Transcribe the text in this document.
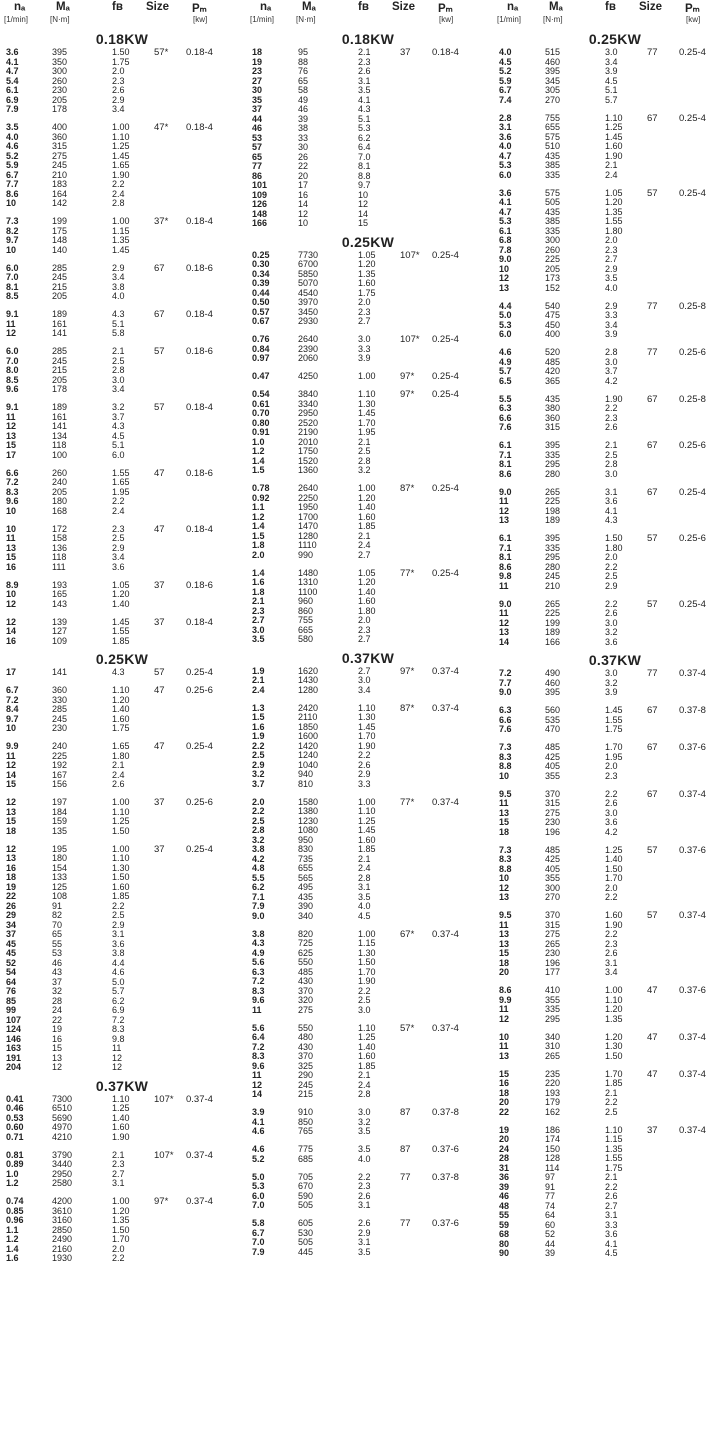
nₐ
[1/min]
Mₐ
[N·m]
fʙ Size Pₘ
[kw]
0.18KW
3.6	395	1.50	57* 0.18-4
4.1	350	1.75
4.7	300	2.0
5.4	260	2.3
6.1	230	2.6
6.9	205	2.9
7.9	178	3.4
3.5	400	1.00	47* 0.18-4
4.0	360	1.10
4.6	315	1.25
5.2	275	1.45
5.9	245	1.65
6.7	210	1.90
7.7	183	2.2
8.6	164	2.4
10	142	2.8
7.3	199	1.00	37* 0.18-4
8.2	175	1.15
9.7	148	1.35
10	140	1.45
6.0	285	2.9	67 0.18-6
7.0	245	3.4
8.1	215	3.8
8.5	205	4.0
9.1	189	4.3	67 0.18-4
11	161	5.1
12	141	5.8
6.0	285	2.1	57 0.18-6
7.0	245	2.5
8.0	215	2.8
8.5	205	3.0
9.6	178	3.4
9.1	189	3.2	57 0.18-4
11	161	3.7
12	141	4.3
13	134	4.5
15	118	5.1
17	100	6.0
6.6	260	1.55	47 0.18-6
7.2	240	1.65
8.3	205	1.95
9.6	180	2.2
10	168	2.4
10	172	2.3	47 0.18-4
11	158	2.5
13	136	2.9
15	118	3.4
16	111	3.6
8.9	193	1.05	37 0.18-6
10	165	1.20
12	143	1.40
12	139	1.45	37 0.18-4
14	127	1.55
16	109	1.85
0.25KW
17	141	4.3	57 0.25-4
6.7	360	1.10	47 0.25-6
7.2	330	1.20
8.4	285	1.40
9.7	245	1.60
10	230	1.75
9.9	240	1.65	47 0.25-4
11	225	1.80
12	192	2.1
14	167	2.4
15	156	2.6
12	197	1.00	37 0.25-6
13	184	1.10
15	159	1.25
18	135	1.50
12	195	1.00	37 0.25-4
13	180	1.10
16	154	1.30
18	133	1.50
19	125	1.60
22	108	1.85
26	91	2.2
29	82	2.5
34	70	2.9
37	65	3.1
45	55	3.6
45	53	3.8
52	46	4.4
54	43	4.6
64	37	5.0
76	32	5.7
85	28	6.2
99	24	6.9
107	22	7.2
124	19	8.3
146	16	9.8
163	15	11
191	13	12
204	12	12
0.37KW
0.41	7300	1.10	107* 0.37-4
0.46	6510	1.25
0.53	5690	1.40
0.60	4970	1.60
0.71	4210	1.90
0.81	3790	2.1	107* 0.37-4
0.89	3440	2.3
1.0	2950	2.7
1.2	2580	3.1
0.74	4200	1.00	97* 0.37-4
0.85	3610	1.20
0.96	3160	1.35
1.1	2850	1.50
1.2	2490	1.70
1.4	2160	2.0
1.6	1930	2.2
nₐ
[1/min]
Mₐ
[N·m]
fʙ Size Pₘ
[kw]
0.18KW
18	95	2.1	37 0.18-4
19	88	2.3
23	76	2.6
27	65	3.1
30	58	3.5
35	49	4.1
37	46	4.3
44	39	5.1
46	38	5.3
53	33	6.2
57	30	6.4
65	26	7.0
77	22	8.1
86	20	8.8
101	17	9.7
109	16	10
126	14	12
148	12	14
166	10	15
0.25KW
0.25	7730	1.05	107* 0.25-4
0.30	6700	1.20
0.34	5850	1.35
0.39	5070	1.60
0.44	4540	1.75
0.50	3970	2.0
0.57	3450	2.3
0.67	2930	2.7
0.76	2640	3.0	107* 0.25-4
0.84	2390	3.3
0.97	2060	3.9
0.47	4250	1.00	97* 0.25-4
0.54	3840	1.10	97* 0.25-4
0.61	3340	1.30
0.70	2950	1.45
0.80	2520	1.70
0.91	2190	1.95
1.0	2010	2.1
1.2	1750	2.5
1.4	1520	2.8
1.5	1360	3.2
0.78	2640	1.00	87* 0.25-4
0.92	2250	1.20
1.1	1950	1.40
1.2	1700	1.60
1.4	1470	1.85
1.5	1280	2.1
1.8	1110	2.4
2.0	990	2.7
1.4	1480	1.05	77* 0.25-4
1.6	1310	1.20
1.8	1100	1.40
2.1	960	1.60
2.3	860	1.80
2.7	755	2.0
3.0	665	2.3
3.5	580	2.7
0.37KW
1.9	1620	2.7	97* 0.37-4
2.1	1430	3.0
2.4	1280	3.4
1.3	2420	1.10	87* 0.37-4
1.5	2110	1.30
1.6	1850	1.45
1.9	1600	1.70
2.2	1420	1.90
2.5	1240	2.2
2.9	1040	2.6
3.2	940	2.9
3.7	810	3.3
2.0	1580	1.00	77* 0.37-4
2.2	1380	1.10
2.5	1230	1.25
2.8	1080	1.45
3.2	950	1.60
3.8	830	1.85
4.2	735	2.1
4.8	655	2.4
5.5	565	2.8
6.2	495	3.1
7.1	435	3.5
7.9	390	4.0
9.0	340	4.5
3.8	820	1.00	67* 0.37-4
4.3	725	1.15
4.9	625	1.30
5.6	550	1.50
6.3	485	1.70
7.2	430	1.90
8.3	370	2.2
9.6	320	2.5
11	275	3.0
5.6	550	1.10	57* 0.37-4
6.4	480	1.25
7.2	430	1.40
8.3	370	1.60
9.6	325	1.85
11	290	2.1
12	245	2.4
14	215	2.8
3.9	910	3.0	87 0.37-8
4.1	850	3.2
4.6	765	3.5
4.6	775	3.5	87 0.37-6
5.2	685	4.0
5.0	705	2.2	77 0.37-8
5.3	670	2.3
6.0	590	2.6
7.0	505	3.1
5.8	605	2.6	77 0.37-6
6.7	530	2.9
7.0	505	3.1
7.9	445	3.5
nₐ
[1/min]
Mₐ
[N·m]
fʙ Size Pₘ
[kw]
0.25KW
4.0	515	3.0	77 0.25-4
4.5	460	3.4
5.2	395	3.9
5.9	345	4.5
6.7	305	5.1
7.4	270	5.7
2.8	755	1.10	67 0.25-4
3.1	655	1.25
3.6	575	1.45
4.0	510	1.60
4.7	435	1.90
5.3	385	2.1
6.0	335	2.4
3.6	575	1.05	57 0.25-4
4.1	505	1.20
4.7	435	1.35
5.3	385	1.55
6.1	335	1.80
6.8	300	2.0
7.8	260	2.3
9.0	225	2.7
10	205	2.9
12	173	3.5
13	152	4.0
4.4	540	2.9	77 0.25-8
5.0	475	3.3
5.3	450	3.4
6.0	400	3.9
4.6	520	2.8	77 0.25-6
4.9	485	3.0
5.7	420	3.7
6.5	365	4.2
5.5	435	1.90	67 0.25-8
6.3	380	2.2
6.6	360	2.3
7.6	315	2.6
6.1	395	2.1	67 0.25-6
7.1	335	2.5
8.1	295	2.8
8.6	280	3.0
9.0	265	3.1	67 0.25-4
11	225	3.6
12	198	4.1
13	189	4.3
6.1	395	1.50	57 0.25-6
7.1	335	1.80
8.1	295	2.0
8.6	280	2.2
9.8	245	2.5
11	210	2.9
9.0	265	2.2	57 0.25-4
11	225	2.6
12	199	3.0
13	189	3.2
14	166	3.6
0.37KW
7.2	490	3.0	77 0.37-4
7.7	460	3.2
9.0	395	3.9
6.3	560	1.45	67 0.37-8
6.6	535	1.55
7.6	470	1.75
7.3	485	1.70	67 0.37-6
8.3	425	1.95
8.8	405	2.0
10	355	2.3
9.5	370	2.2	67 0.37-4
11	315	2.6
13	275	3.0
15	230	3.6
18	196	4.2
7.3	485	1.25	57 0.37-6
8.3	425	1.40
8.8	405	1.50
10	355	1.70
12	300	2.0
13	270	2.2
9.5	370	1.60	57 0.37-4
11	315	1.90
13	275	2.2
13	265	2.3
15	230	2.6
18	196	3.1
20	177	3.4
8.6	410	1.00	47 0.37-6
9.9	355	1.10
11	335	1.20
12	295	1.35
10	340	1.20	47 0.37-4
11	310	1.30
13	265	1.50
15	235	1.70	47 0.37-4
16	220	1.85
18	193	2.1
20	179	2.2
22	162	2.5
19	186	1.10	37 0.37-4
20	174	1.15
24	150	1.35
28	128	1.55
31	114	1.75
36	97	2.1
39	91	2.2
46	77	2.6
48	74	2.7
55	64	3.1
59	60	3.3
68	52	3.6
80	44	4.1
90	39	4.5
